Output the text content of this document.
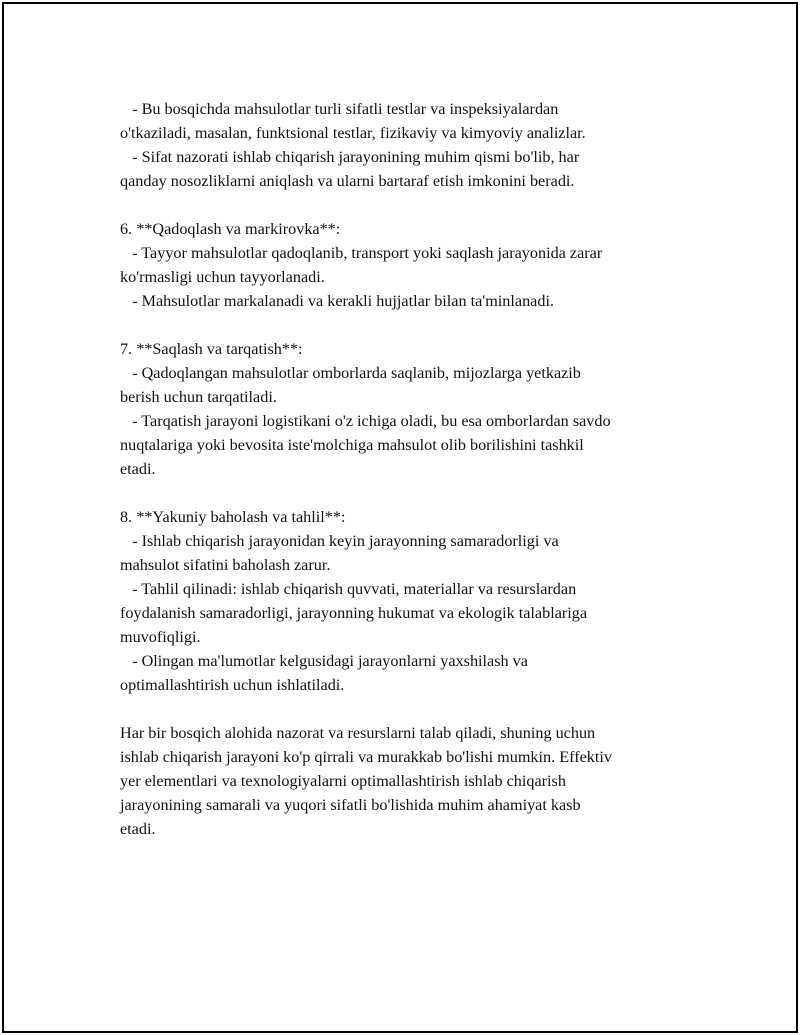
- Bu bosqichda mahsulotlar turli sifatli testlar va inspeksiyalardan
o'tkaziladi, masalan, funktsional testlar, fizikaviy va kimyoviy analizlar.
- Sifat nazorati ishlab chiqarish jarayonining muhim qismi bo'lib, har
qanday nosozliklarni aniqlash va ularni bartaraf etish imkonini beradi.
6. **Qadoqlash va markirovka**:
- Tayyor mahsulotlar qadoqlanib, transport yoki saqlash jarayonida zarar
ko'rmasligi uchun tayyorlanadi.
- Mahsulotlar markalanadi va kerakli hujjatlar bilan ta'minlanadi.
7. **Saqlash va tarqatish**:
- Qadoqlangan mahsulotlar omborlarda saqlanib, mijozlarga yetkazib
berish uchun tarqatiladi.
- Tarqatish jarayoni logistikani o'z ichiga oladi, bu esa omborlardan savdo
nuqtalariga yoki bevosita iste'molchiga mahsulot olib borilishini tashkil
etadi.
8. **Yakuniy baholash va tahlil**:
- Ishlab chiqarish jarayonidan keyin jarayonning samaradorligi va
mahsulot sifatini baholash zarur.
- Tahlil qilinadi: ishlab chiqarish quvvati, materiallar va resurslardan
foydalanish samaradorligi, jarayonning hukumat va ekologik talablariga
muvofiqligi.
- Olingan ma'lumotlar kelgusidagi jarayonlarni yaxshilash va
optimallashtirish uchun ishlatiladi.
Har bir bosqich alohida nazorat va resurslarni talab qiladi, shuning uchun
ishlab chiqarish jarayoni ko'p qirrali va murakkab bo'lishi mumkin. Effektiv
yer elementlari va texnologiyalarni optimallashtirish ishlab chiqarish
jarayonining samarali va yuqori sifatli bo'lishida muhim ahamiyat kasb
etadi.
